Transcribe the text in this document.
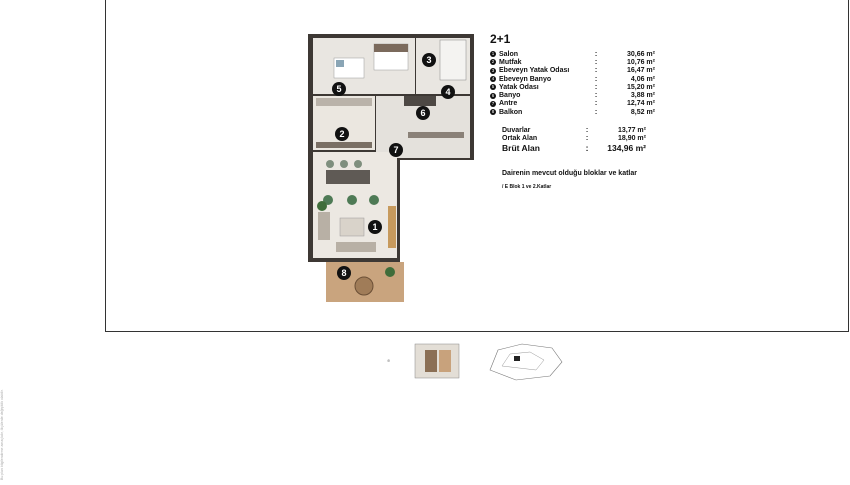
1
2
3
4
5
6
7
8
2+1
1 Salon	:	30,66 m²
2 Mutfak	:	10,76 m²
3 Ebeveyn Yatak Odası	:	16,47 m²
4 Ebeveyn Banyo	:	4,06 m²
5 Yatak Odası	:	15,20 m²
6 Banyo	:	3,88 m²
7 Antre	:	12,74 m²
8 Balkon	:	8,52 m²
Duvarlar	:	13,77 m²
Ortak Alan	:	18,90 m²
Brüt Alan	:	134,96 m²
Dairenin mevcut olduğu bloklar ve katlar
/ E Blok 1 ve 2.Katlar
⊕
Bu plan bilgilendirme amaçlıdır, ölçülerde değişiklik olabilir.
